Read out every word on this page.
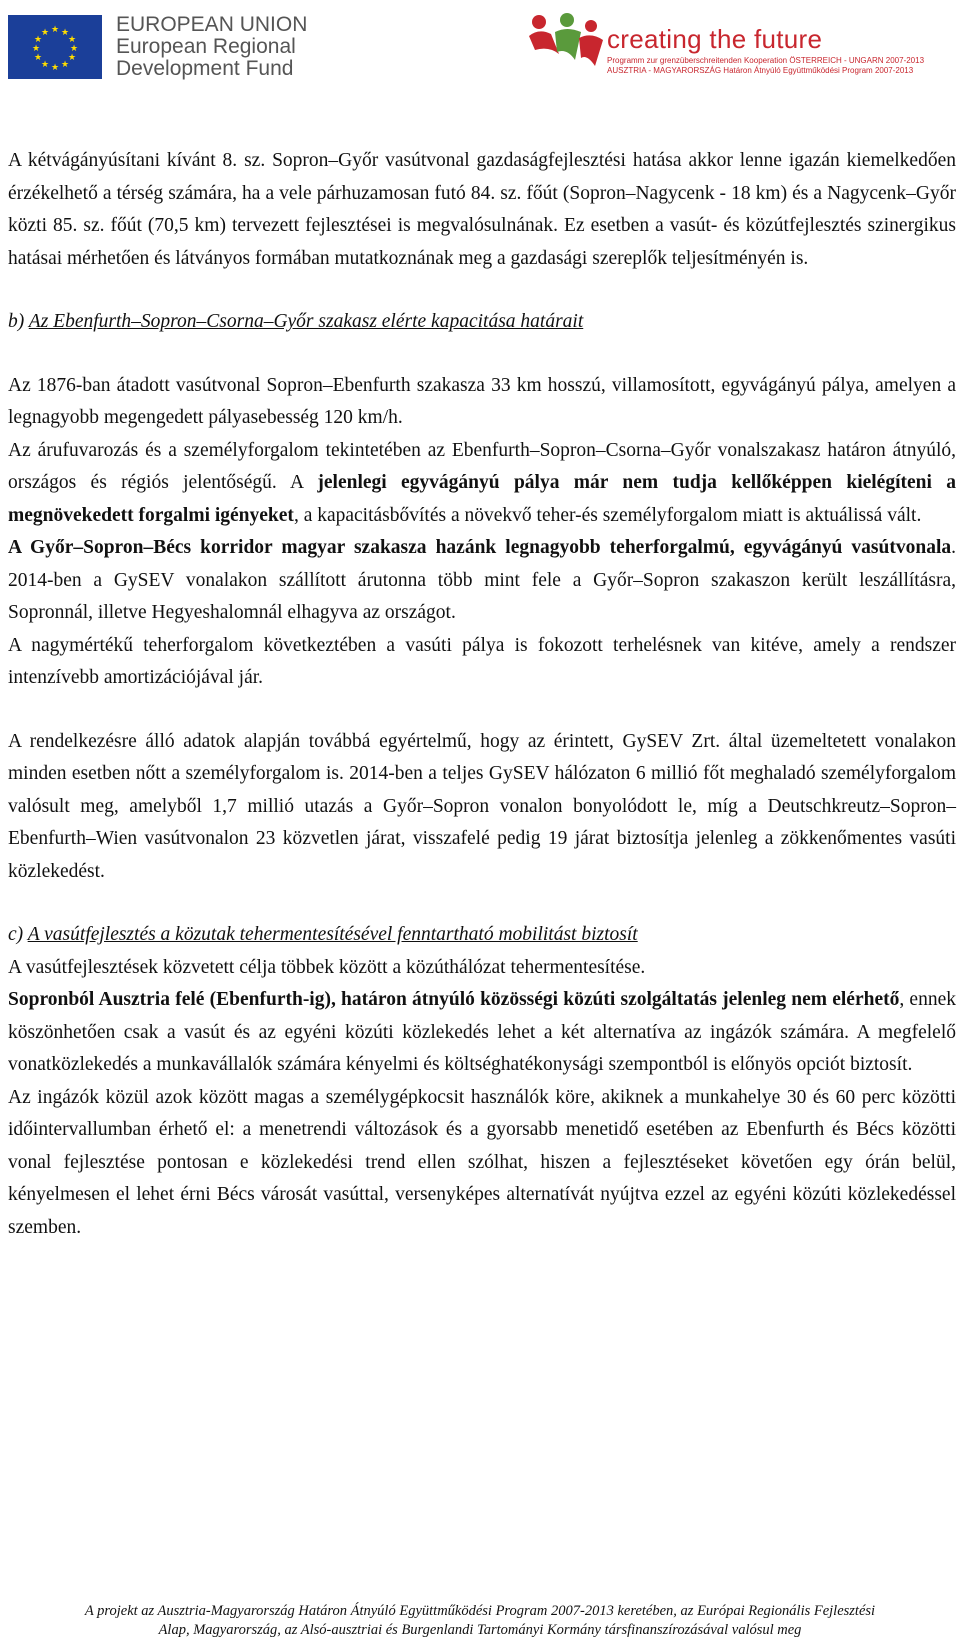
★ ★
★
★
★
★
★
★
★
★
★
★	EUROPEAN UNION
European Regional
Development Fund
creating the future
Programm zur grenzüberschreitenden Kooperation ÖSTERREICH - UNGARN 2007-2013
AUSZTRIA - MAGYARORSZÁG Határon Átnyúló Együttműködési Program 2007-2013

A kétvágányúsítani kívánt 8. sz. Sopron–Győr vasútvonal gazdaságfejlesztési hatása akkor lenne igazán kiemelkedően érzékelhető a térség számára, ha a vele párhuzamosan futó 84. sz. főút (Sopron–Nagycenk - 18 km) és a Nagycenk–Győr közti 85. sz. főút (70,5 km) tervezett fejlesztései is megvalósulnának. Ez esetben a vasút- és közútfejlesztés szinergikus hatásai mérhetően és látványos formában mutatkoznának meg a gazdasági szereplők teljesítményén is.

b) Az Ebenfurth–Sopron–Csorna–Győr szakasz elérte kapacitása határait

Az 1876-ban átadott vasútvonal Sopron–Ebenfurth szakasza 33 km hosszú, villamosított, egyvágányú pálya, amelyen a legnagyobb megengedett pályasebesség 120 km/h.

Az árufuvarozás és a személyforgalom tekintetében az Ebenfurth–Sopron–Csorna–Győr vonalszakasz határon átnyúló, országos és régiós jelentőségű. A jelenlegi egyvágányú pálya már nem tudja kellőképpen kielégíteni a megnövekedett forgalmi igényeket, a kapacitásbővítés a növekvő teher-és személyforgalom miatt is aktuálissá vált.

A Győr–Sopron–Bécs korridor magyar szakasza hazánk legnagyobb teherforgalmú, egyvágányú vasútvonala. 2014-ben a GySEV vonalakon szállított árutonna több mint fele a Győr–Sopron szakaszon került leszállításra, Sopronnál, illetve Hegyeshalomnál elhagyva az országot.

A nagymértékű teherforgalom következtében a vasúti pálya is fokozott terhelésnek van kitéve, amely a rendszer intenzívebb amortizációjával jár.

A rendelkezésre álló adatok alapján továbbá egyértelmű, hogy az érintett, GySEV Zrt. által üzemeltetett vonalakon minden esetben nőtt a személyforgalom is. 2014-ben a teljes GySEV hálózaton 6 millió főt meghaladó személyforgalom valósult meg, amelyből 1,7 millió utazás a Győr–Sopron vonalon bonyolódott le, míg a Deutschkreutz–Sopron–Ebenfurth–Wien vasútvonalon 23 közvetlen járat, visszafelé pedig 19 járat biztosítja jelenleg a zökkenőmentes vasúti közlekedést.

c) A vasútfejlesztés a közutak tehermentesítésével fenntartható mobilitást biztosít

A vasútfejlesztések közvetett célja többek között a közúthálózat tehermentesítése.

Sopronból Ausztria felé (Ebenfurth-ig), határon átnyúló közösségi közúti szolgáltatás jelenleg nem elérhető, ennek köszönhetően csak a vasút és az egyéni közúti közlekedés lehet a két alternatíva az ingázók számára. A megfelelő vonatközlekedés a munkavállalók számára kényelmi és költséghatékonysági szempontból is előnyös opciót biztosít.

Az ingázók közül azok között magas a személygépkocsit használók köre, akiknek a munkahelye 30 és 60 perc közötti időintervallumban érhető el: a menetrendi változások és a gyorsabb menetidő esetében az Ebenfurth és Bécs közötti vonal fejlesztése pontosan e közlekedési trend ellen szólhat, hiszen a fejlesztéseket követően egy órán belül, kényelmesen el lehet érni Bécs városát vasúttal, versenyképes alternatívát nyújtva ezzel az egyéni közúti közlekedéssel szemben.

A projekt az Ausztria-Magyarország Határon Átnyúló Együttműködési Program 2007-2013 keretében, az Európai Regionális Fejlesztési
Alap, Magyarország, az Alsó-ausztriai és Burgenlandi Tartományi Kormány társfinanszírozásával valósul meg
